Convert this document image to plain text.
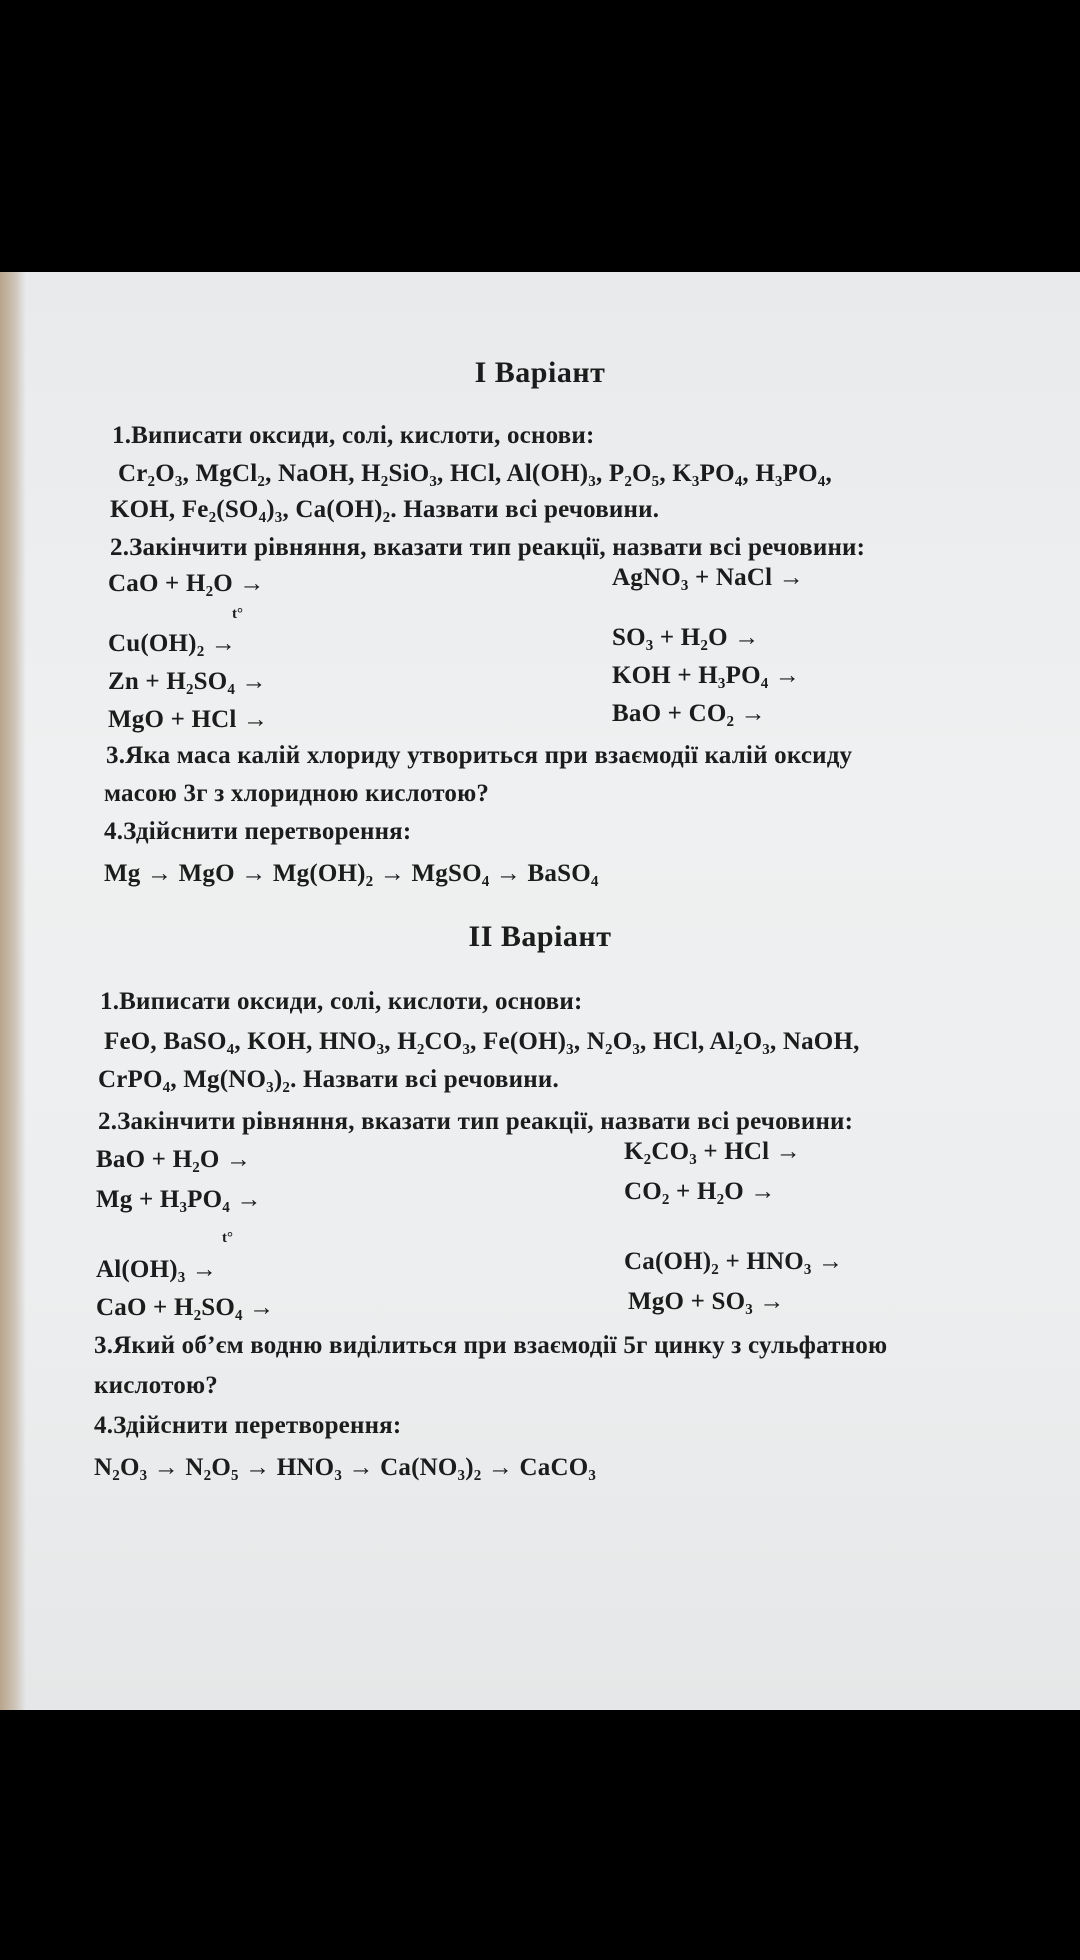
I Варіант
1.Виписати оксиди, солі, кислоти, основи:
Cr₂O₃, MgCl₂, NaOH, H₂SiO₃, HCl, Al(OH)₃, P₂O₅, K₃PO₄, H₃PO₄,
KOH, Fe₂(SO₄)₃, Ca(OH)₂. Назвати всі речовини.
2.Закінчити рівняння, вказати тип реакції, назвати всі речовини:
CaO + H₂O →	AgNO₃ + NaCl →
t°
Cu(OH)₂ →	SO₃ + H₂O →
Zn + H₂SO₄ →	KOH + H₃PO₄ →
MgO + HCl →	BaO + CO₂ →
3.Яка маса калій хлориду утвориться при взаємодії калій оксиду
масою 3г з хлоридною кислотою?
4.Здійснити перетворення:
Mg → MgO → Mg(OH)₂ → MgSO₄ → BaSO₄
II Варіант
1.Виписати оксиди, солі, кислоти, основи:
FeO, BaSO₄, KOH, HNO₃, H₂CO₃, Fe(OH)₃, N₂O₃, HCl, Al₂O₃, NaOH,
CrPO₄, Mg(NO₃)₂. Назвати всі речовини.
2.Закінчити рівняння, вказати тип реакції, назвати всі речовини:
BaO + H₂O →	K₂CO₃ + HCl →
Mg + H₃PO₄ →	CO₂ + H₂O →
t°
Al(OH)₃ →	Ca(OH)₂ + HNO₃ →
CaO + H₂SO₄ →	MgO + SO₃ →
3.Який об’єм водню виділиться при взаємодії 5г цинку з сульфатною
кислотою?
4.Здійснити перетворення:
N₂O₃ → N₂O₅ → HNO₃ → Ca(NO₃)₂ → CaCO₃
